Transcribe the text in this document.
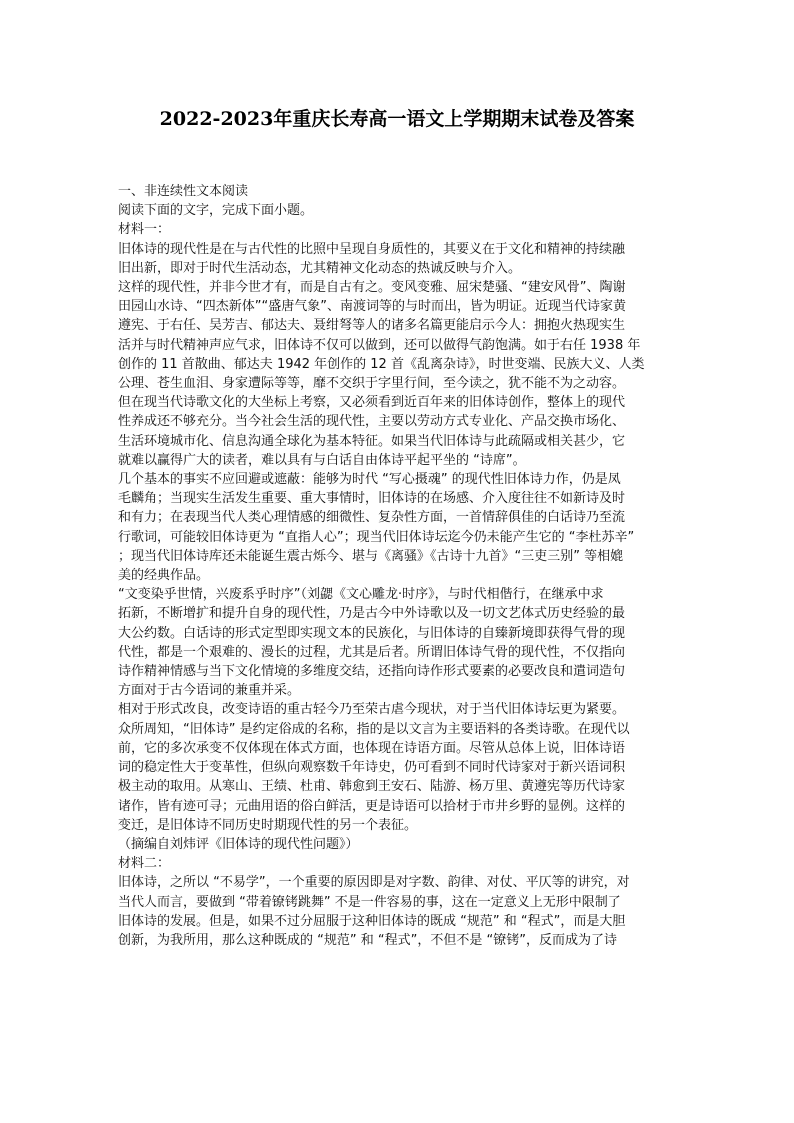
2022-2023年重庆长寿高一语文上学期期末试卷及答案

一、非连续性文本阅读

阅读下面的文字，完成下面小题。

材料一：

旧体诗的现代性是在与古代性的比照中呈现自身质性的，其要义在于文化和精神的持续融

旧出新，即对于时代生活动态，尤其精神文化动态的热诚反映与介入。

这样的现代性，并非今世才有，而是自古有之。变风变雅、屈宋楚骚、“建安风骨”、陶谢

田园山水诗、“四杰新体”“盛唐气象”、南渡词等的与时而出，皆为明证。近现当代诗家黄

遵宪、于右任、吴芳吉、郁达夫、聂绀弩等人的诸多名篇更能启示今人：拥抱火热现实生

活并与时代精神声应气求，旧体诗不仅可以做到，还可以做得气韵饱满。如于右任 1938 年

创作的 11 首散曲、郁达夫 1942 年创作的 12 首《乱离杂诗》，时世变端、民族大义、人类

公理、苍生血泪、身家遭际等等，靡不交织于字里行间，至今读之，犹不能不为之动容。

但在现当代诗歌文化的大坐标上考察，又必须看到近百年来的旧体诗创作，整体上的现代

性养成还不够充分。当今社会生活的现代性，主要以劳动方式专业化、产品交换市场化、

生活环境城市化、信息沟通全球化为基本特征。如果当代旧体诗与此疏隔或相关甚少，它

就难以赢得广大的读者，难以具有与白话自由体诗平起平坐的 “诗席”。

几个基本的事实不应回避或遮蔽：能够为时代 “写心摄魂” 的现代性旧体诗力作，仍是凤

毛麟角；当现实生活发生重要、重大事情时，旧体诗的在场感、介入度往往不如新诗及时

和有力；在表现当代人类心理情感的细微性、复杂性方面，一首情辞俱佳的白话诗乃至流

行歌词，可能较旧体诗更为 “直指人心”；现当代旧体诗坛迄今仍未能产生它的 “李杜苏辛”

；现当代旧体诗库还未能诞生震古烁今、堪与《离骚》《古诗十九首》“三吏三别” 等相媲

美的经典作品。

“文变染乎世情，兴废系乎时序”（刘勰《文心雕龙·时序》，与时代相偕行，在继承中求

拓新，不断增扩和提升自身的现代性，乃是古今中外诗歌以及一切文艺体式历史经验的最

大公约数。白话诗的形式定型即实现文本的民族化，与旧体诗的自臻新境即获得气骨的现

代性，都是一个艰难的、漫长的过程，尤其是后者。所谓旧体诗气骨的现代性，不仅指向

诗作精神情感与当下文化情境的多维度交结，还指向诗作形式要素的必要改良和遣词造句

方面对于古今语词的兼重并采。

相对于形式改良，改变诗语的重古轻今乃至荣古虐今现状，对于当代旧体诗坛更为紧要。

众所周知，“旧体诗” 是约定俗成的名称，指的是以文言为主要语料的各类诗歌。在现代以

前，它的多次承变不仅体现在体式方面，也体现在诗语方面。尽管从总体上说，旧体诗语

词的稳定性大于变革性，但纵向观察数千年诗史，仍可看到不同时代诗家对于新兴语词积

极主动的取用。从寒山、王绩、杜甫、韩愈到王安石、陆游、杨万里、黄遵宪等历代诗家

诸作，皆有迹可寻；元曲用语的俗白鲜活，更是诗语可以拾材于市井乡野的显例。这样的

变迁，是旧体诗不同历史时期现代性的另一个表征。

（摘编自刘炜评《旧体诗的现代性问题》）

材料二：

旧体诗，之所以 “不易学”，一个重要的原因即是对字数、韵律、对仗、平仄等的讲究，对

当代人而言，要做到 “带着镣铐跳舞” 不是一件容易的事，这在一定意义上无形中限制了

旧体诗的发展。但是，如果不过分屈服于这种旧体诗的既成 “规范” 和 “程式”，而是大胆

创新，为我所用，那么这种既成的 “规范” 和 “程式”，不但不是 “镣铐”，反而成为了诗
